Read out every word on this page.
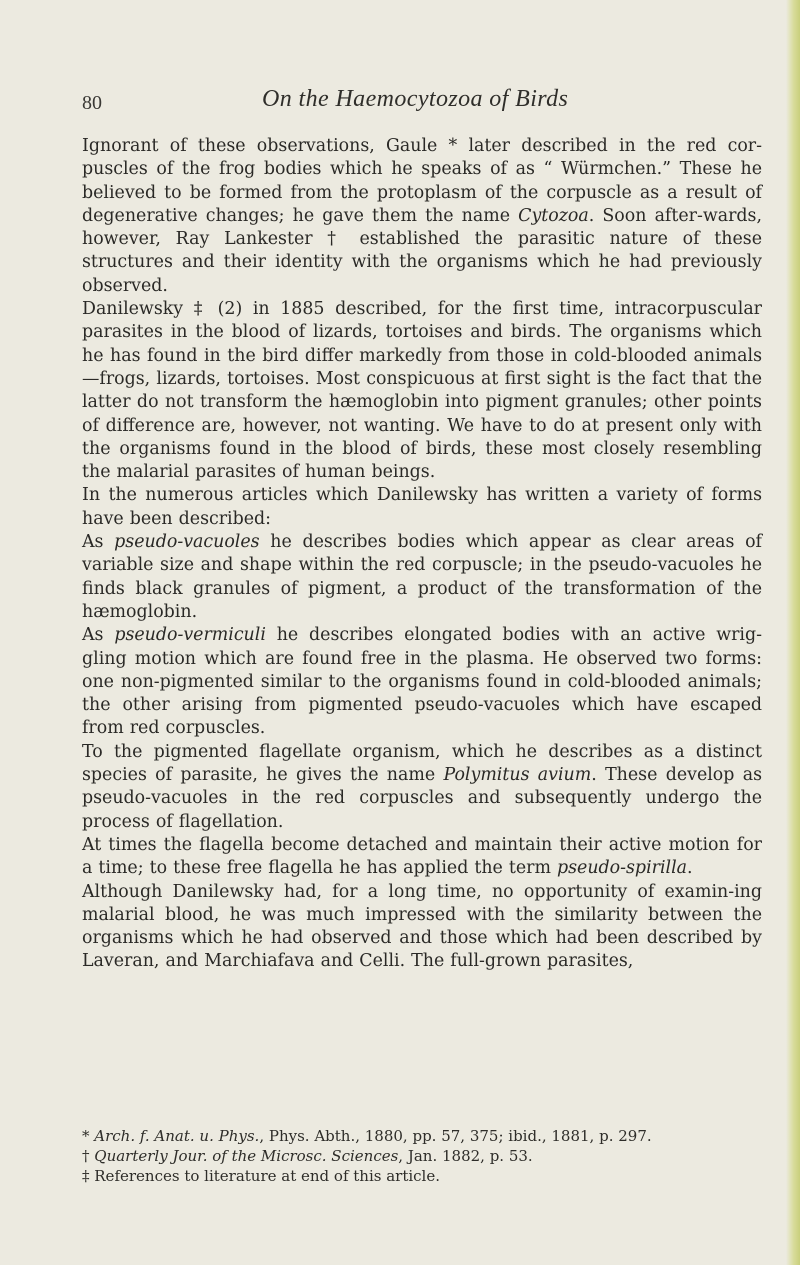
80	On the Haemocytozoa of Birds

Ignorant of these observations, Gaule * later described in the red cor-puscles of the frog bodies which he speaks of as “ Würmchen.” These he believed to be formed from the protoplasm of the corpuscle as a result of degenerative changes; he gave them the name Cytozoa. Soon after-wards, however, Ray Lankester † established the parasitic nature of these structures and their identity with the organisms which he had previously observed.

Danilewsky ‡ (2) in 1885 described, for the first time, intracorpuscular parasites in the blood of lizards, tortoises and birds. The organisms which he has found in the bird differ markedly from those in cold-blooded animals—frogs, lizards, tortoises. Most conspicuous at first sight is the fact that the latter do not transform the hæmoglobin into pigment granules; other points of difference are, however, not wanting. We have to do at present only with the organisms found in the blood of birds, these most closely resembling the malarial parasites of human beings.

In the numerous articles which Danilewsky has written a variety of forms have been described:

As pseudo-vacuoles he describes bodies which appear as clear areas of variable size and shape within the red corpuscle; in the pseudo-vacuoles he finds black granules of pigment, a product of the transformation of the hæmoglobin.

As pseudo-vermiculi he describes elongated bodies with an active wrig-gling motion which are found free in the plasma. He observed two forms: one non-pigmented similar to the organisms found in cold-blooded animals; the other arising from pigmented pseudo-vacuoles which have escaped from red corpuscles.

To the pigmented flagellate organism, which he describes as a distinct species of parasite, he gives the name Polymitus avium. These develop as pseudo-vacuoles in the red corpuscles and subsequently undergo the process of flagellation.

At times the flagella become detached and maintain their active motion for a time; to these free flagella he has applied the term pseudo-spirilla.

Although Danilewsky had, for a long time, no opportunity of examin-ing malarial blood, he was much impressed with the similarity between the organisms which he had observed and those which had been described by Laveran, and Marchiafava and Celli. The full-grown parasites,

* Arch. f. Anat. u. Phys., Phys. Abth., 1880, pp. 57, 375; ibid., 1881, p. 297.
† Quarterly Jour. of the Microsc. Sciences, Jan. 1882, p. 53.
‡ References to literature at end of this article.
